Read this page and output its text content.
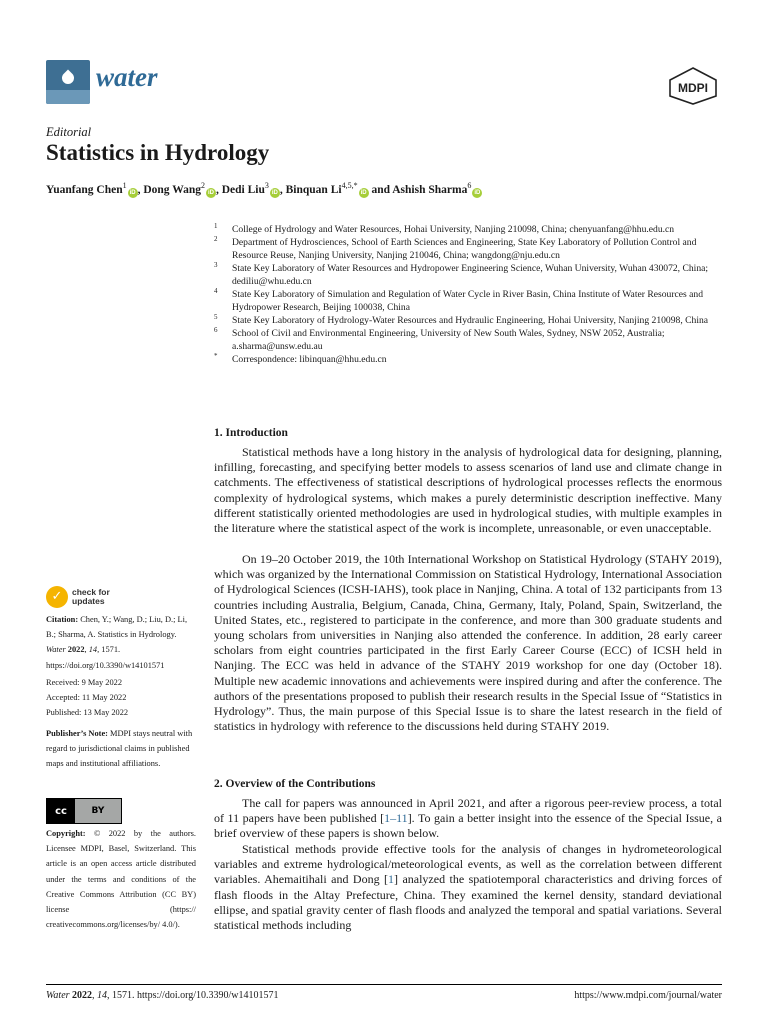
water	MDPI
Editorial
Statistics in Hydrology
Yuanfang Chen$^1$iD , Dong Wang$^2$iD , Dedi Liu$^3$iD , Binquan $Li^{4,5,*}iD$ and Ashish Sharma$^6$iD
1 College of Hydrology and Water Resources, Hohai University, Nanjing 210098, China; chenyuanfang@hhu.edu.cn
2 Department of Hydrosciences, School of Earth Sciences and Engineering, State Key Laboratory of Pollution Control and Resource Reuse, Nanjing University, Nanjing 210046, China; wangdong@nju.edu.cn
3 State Key Laboratory of Water Resources and Hydropower Engineering Science, Wuhan University, Wuhan 430072, China; dediliu@whu.edu.cn
4 State Key Laboratory of Simulation and Regulation of Water Cycle in River Basin, China Institute of Water Resources and Hydropower Research, Beijing 100038, China
5 State Key Laboratory of Hydrology-Water Resources and Hydraulic Engineering, Hohai University, Nanjing 210098, China
6 School of Civil and Environmental Engineering, University of New South Wales, Sydney, NSW 2052, Australia; a.sharma@unsw.edu.au
* Correspondence: libinquan@hhu.edu.cn
✓	check for updates

Citation: Chen, Y.; Wang, D.; Liu, D.; Li, B.; Sharma, A. Statistics in Hydrology. Water 2022, 14, 1571. https://doi.org/10.3390/w14101571

Received: 9 May 2022
Accepted: 11 May 2022
Published: 13 May 2022

Publisher’s Note: MDPI stays neutral with regard to jurisdictional claims in published maps and institutional affiliations.

cc	BY

Copyright: © 2022 by the authors. Licensee MDPI, Basel, Switzerland. This article is an open access article distributed under the terms and conditions of the Creative Commons Attribution (CC BY) license (https:// creativecommons.org/licenses/by/ 4.0/).

1. Introduction

Statistical methods have a long history in the analysis of hydrological data for designing, planning, infilling, forecasting, and specifying better models to assess scenarios of land use and climate change in catchments. The effectiveness of statistical descriptions of hydrological processes reflects the enormous complexity of hydrological systems, which makes a purely deterministic description ineffective. Many different statistically oriented methodologies are used in hydrological studies, with multiple examples in the literature where the statistical aspect of the work is incomplete, unreasonable, or even unacceptable.

On 19–20 October 2019, the 10th International Workshop on Statistical Hydrology (STAHY 2019), which was organized by the International Commission on Statistical Hydrology, International Association of Hydrological Sciences (ICSH-IAHS), took place in Nanjing, China. A total of 132 participants from 13 countries including Australia, Belgium, Canada, China, Germany, Italy, Poland, Spain, Switzerland, the United States, etc., registered to participate in the conference, and more than 300 graduate students and young scholars from universities in Nanjing also attended the conference. In addition, 28 early career scholars from eight countries participated in the first Early Career Course (ECC) of ICSH held in Nanjing. The ECC was held in advance of the STAHY 2019 workshop for one day (October 18). Multiple new academic innovations and achievements were inspired during and after the conference. The authors of the presentations proposed to publish their research results in the Special Issue of “Statistics in Hydrology”. Thus, the main purpose of this Special Issue is to share the latest research in the field of statistics in hydrology with reference to the discussions held during STAHY 2019.

2. Overview of the Contributions

The call for papers was announced in April 2021, and after a rigorous peer-review process, a total of 11 papers have been published [1–11]. To gain a better insight into the essence of the Special Issue, a brief overview of these papers is shown below.

Statistical methods provide effective tools for the analysis of changes in hydrometeorological variables and extreme hydrological/meteorological events, as well as the correlation between different variables. Ahemaitihali and Dong [1] analyzed the spatiotemporal characteristics and driving forces of flash floods in the Altay Prefecture, China. They examined the kernel density, standard deviational ellipse, and spatial gravity center of flash floods and analyzed the temporal and spatial variations. Several statistical methods including

Water 2022, 14, 1571. https://doi.org/10.3390/w14101571	https://www.mdpi.com/journal/water
